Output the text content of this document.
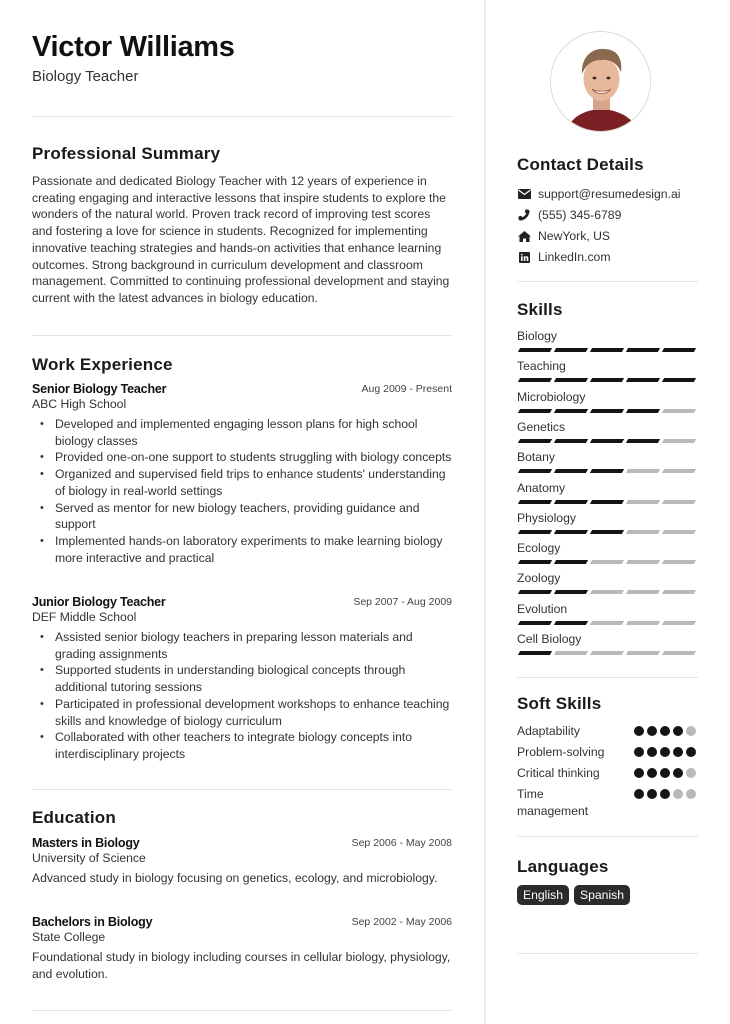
Victor Williams
Biology Teacher
Professional Summary
Passionate and dedicated Biology Teacher with 12 years of experience in creating engaging and interactive lessons that inspire students to explore the wonders of the natural world. Proven track record of improving test scores and fostering a love for science in students. Recognized for implementing innovative teaching strategies and hands-on activities that enhance learning outcomes. Strong background in curriculum development and classroom management. Committed to continuing professional development and staying current with the latest advances in biology education.
Work Experience
Senior Biology Teacher	Aug 2009 - Present
ABC High School
• Developed and implemented engaging lesson plans for high school biology classes
• Provided one-on-one support to students struggling with biology concepts
• Organized and supervised field trips to enhance students' understanding of biology in real-world settings
• Served as mentor for new biology teachers, providing guidance and support
• Implemented hands-on laboratory experiments to make learning biology more interactive and practical
Junior Biology Teacher	Sep 2007 - Aug 2009
DEF Middle School
• Assisted senior biology teachers in preparing lesson materials and grading assignments
• Supported students in understanding biological concepts through additional tutoring sessions
• Participated in professional development workshops to enhance teaching skills and knowledge of biology curriculum
• Collaborated with other teachers to integrate biology concepts into interdisciplinary projects
Education
Masters in Biology	Sep 2006 - May 2008
University of Science
Advanced study in biology focusing on genetics, ecology, and microbiology.
Bachelors in Biology	Sep 2002 - May 2006
State College
Foundational study in biology including courses in cellular biology, physiology, and evolution.
Contact Details
support@resumedesign.ai
(555) 345-6789
NewYork, US
LinkedIn.com
Skills
Biology
Teaching
Microbiology
Genetics
Botany
Anatomy
Physiology
Ecology
Zoology
Evolution
Cell Biology
Soft Skills
Adaptability
Problem-solving
Critical thinking
Time management
Languages
English	Spanish
